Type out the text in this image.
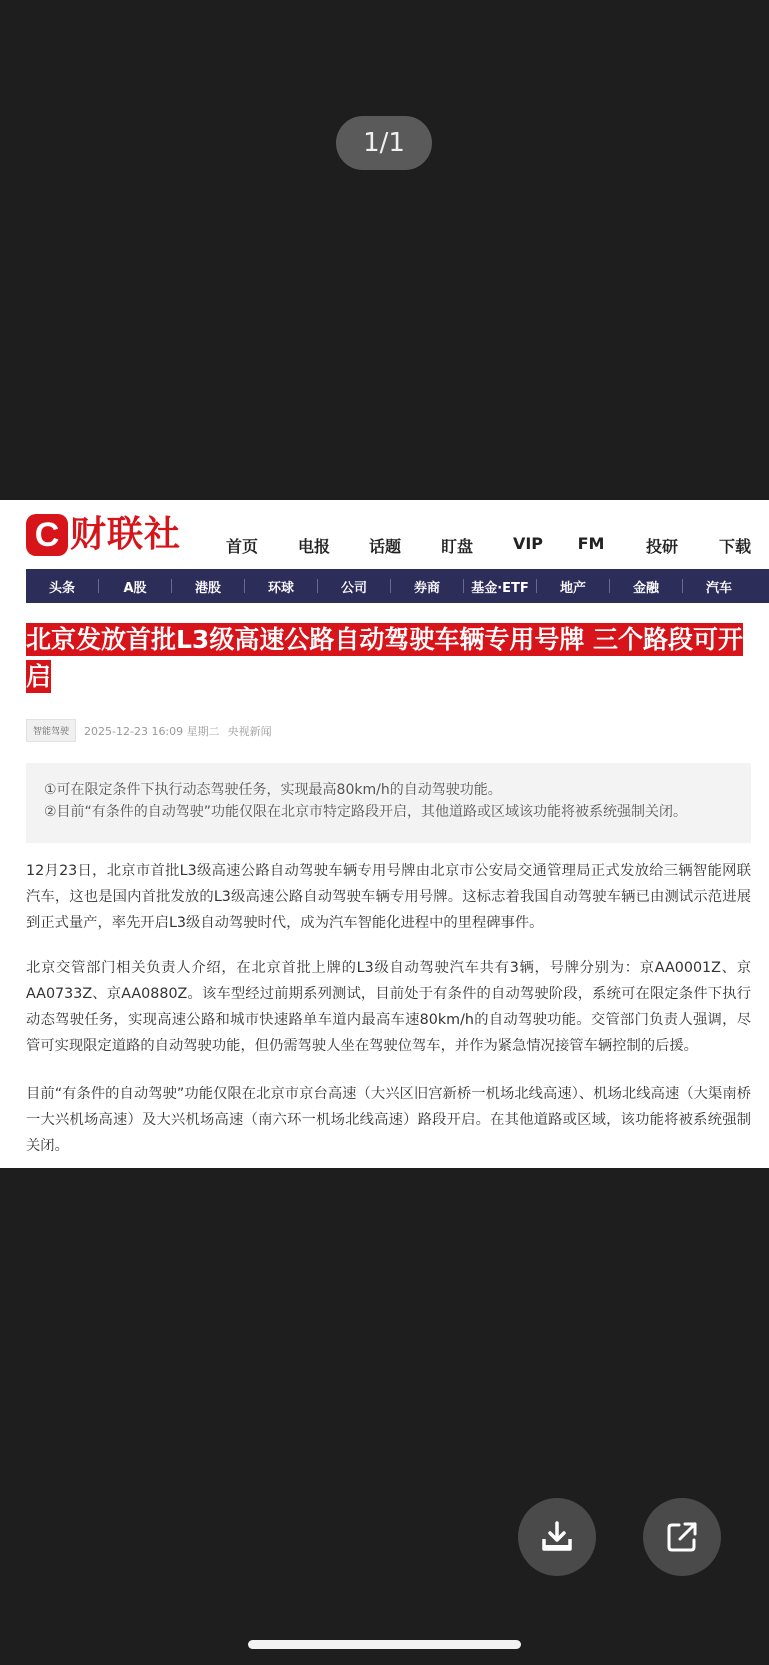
1/1
C 财联社	首页	电报	话题	盯盘	VIP	FM	投研	下载
头条	A股	港股	环球	公司	券商	基金·ETF	地产	金融	汽车
北京发放首批L3级高速公路自动驾驶车辆专用号牌 三个路段可开启
智能驾驶	2025-12-23 16:09 星期二 央视新闻
①可在限定条件下执行动态驾驶任务，实现最高80km/h的自动驾驶功能。
②目前“有条件的自动驾驶”功能仅限在北京市特定路段开启，其他道路或区域该功能将被系统强制关闭。
12月23日，北京市首批L3级高速公路自动驾驶车辆专用号牌由北京市公安局交通管理局正式发放给三辆智能网联汽车，这也是国内首批发放的L3级高速公路自动驾驶车辆专用号牌。这标志着我国自动驾驶车辆已由测试示范进展到正式量产，率先开启L3级自动驾驶时代，成为汽车智能化进程中的里程碑事件。
北京交管部门相关负责人介绍，在北京首批上牌的L3级自动驾驶汽车共有3辆，号牌分别为：京AA0001Z、京AA0733Z、京AA0880Z。该车型经过前期系列测试，目前处于有条件的自动驾驶阶段，系统可在限定条件下执行动态驾驶任务，实现高速公路和城市快速路单车道内最高车速80km/h的自动驾驶功能。交管部门负责人强调，尽管可实现限定道路的自动驾驶功能，但仍需驾驶人坐在驾驶位驾车，并作为紧急情况接管车辆控制的后援。
目前“有条件的自动驾驶”功能仅限在北京市京台高速（大兴区旧宫新桥一机场北线高速）、机场北线高速（大渠南桥一大兴机场高速）及大兴机场高速（南六环一机场北线高速）路段开启。在其他道路或区域，该功能将被系统强制关闭。
